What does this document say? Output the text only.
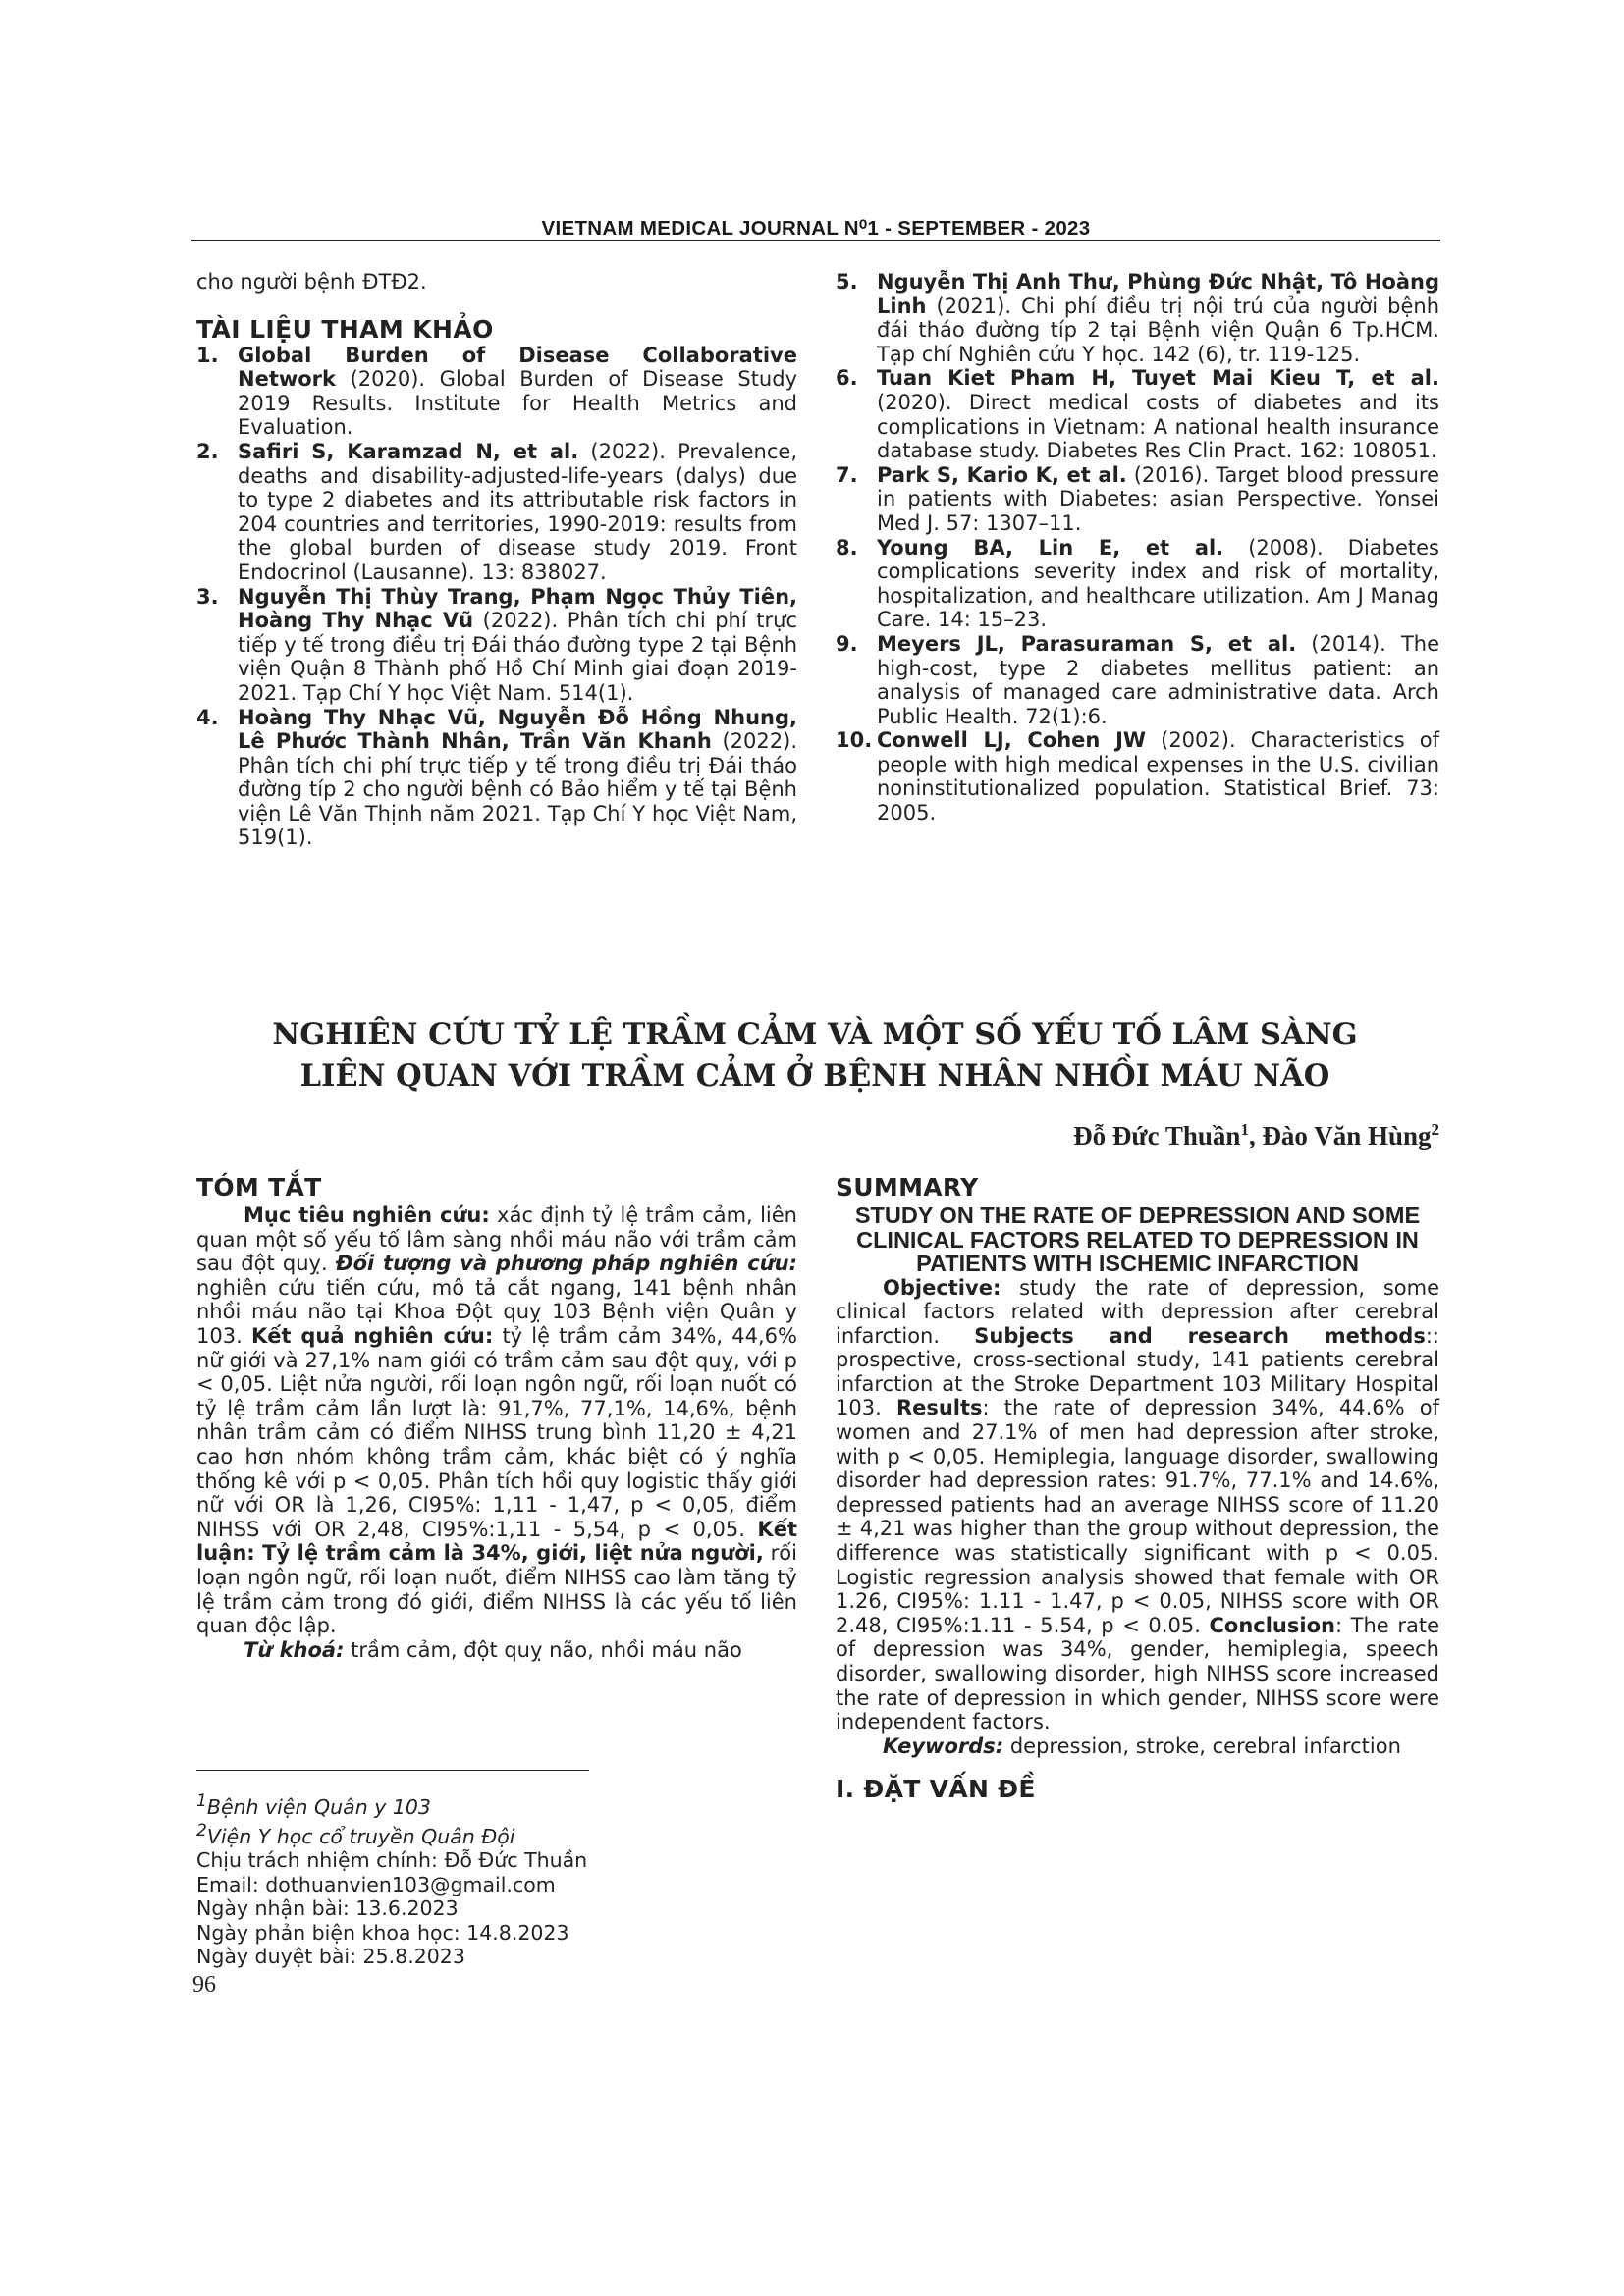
VIETNAM MEDICAL JOURNAL N⁰1 - SEPTEMBER - 2023

cho người bệnh ĐTĐ2.

TÀI LIỆU THAM KHẢO
1. Global Burden of Disease Collaborative Network (2020). Global Burden of Disease Study 2019 Results. Institute for Health Metrics and Evaluation.
2. Safiri S, Karamzad N, et al. (2022). Prevalence, deaths and disability-adjusted-life-years (dalys) due to type 2 diabetes and its attributable risk factors in 204 countries and territories, 1990-2019: results from the global burden of disease study 2019. Front Endocrinol (Lausanne). 13: 838027.
3. Nguyễn Thị Thùy Trang, Phạm Ngọc Thủy Tiên, Hoàng Thy Nhạc Vũ (2022). Phân tích chi phí trực tiếp y tế trong điều trị Đái tháo đường type 2 tại Bệnh viện Quận 8 Thành phố Hồ Chí Minh giai đoạn 2019-2021. Tạp Chí Y học Việt Nam. 514(1).
4. Hoàng Thy Nhạc Vũ, Nguyễn Đỗ Hồng Nhung, Lê Phước Thành Nhân, Trần Văn Khanh (2022). Phân tích chi phí trực tiếp y tế trong điều trị Đái tháo đường típ 2 cho người bệnh có Bảo hiểm y tế tại Bệnh viện Lê Văn Thịnh năm 2021. Tạp Chí Y học Việt Nam, 519(1).
5. Nguyễn Thị Anh Thư, Phùng Đức Nhật, Tô Hoàng Linh (2021). Chi phí điều trị nội trú của người bệnh đái tháo đường típ 2 tại Bệnh viện Quận 6 Tp.HCM. Tạp chí Nghiên cứu Y học. 142 (6), tr. 119-125.
6. Tuan Kiet Pham H, Tuyet Mai Kieu T, et al. (2020). Direct medical costs of diabetes and its complications in Vietnam: A national health insurance database study. Diabetes Res Clin Pract. 162: 108051.
7. Park S, Kario K, et al. (2016). Target blood pressure in patients with Diabetes: asian Perspective. Yonsei Med J. 57: 1307–11.
8. Young BA, Lin E, et al. (2008). Diabetes complications severity index and risk of mortality, hospitalization, and healthcare utilization. Am J Manag Care. 14: 15–23.
9. Meyers JL, Parasuraman S, et al. (2014). The high-cost, type 2 diabetes mellitus patient: an analysis of managed care administrative data. Arch Public Health. 72(1):6.
10. Conwell LJ, Cohen JW (2002). Characteristics of people with high medical expenses in the U.S. civilian noninstitutionalized population. Statistical Brief. 73: 2005.
NGHIÊN CỨU TỶ LỆ TRẦM CẢM VÀ MỘT SỐ YẾU TỐ LÂM SÀNG
LIÊN QUAN VỚI TRẦM CẢM Ở BỆNH NHÂN NHỒI MÁU NÃO
Đỗ Đức Thuần$^1$, Đào Văn Hùng$^2$
TÓM TẮT

Mục tiêu nghiên cứu: xác định tỷ lệ trầm cảm, liên quan một số yếu tố lâm sàng nhồi máu não với trầm cảm sau đột quỵ. Đối tượng và phương pháp nghiên cứu: nghiên cứu tiến cứu, mô tả cắt ngang, 141 bệnh nhân nhồi máu não tại Khoa Đột quỵ 103 Bệnh viện Quân y 103. Kết quả nghiên cứu: tỷ lệ trầm cảm 34%, 44,6% nữ giới và 27,1% nam giới có trầm cảm sau đột quỵ, với p < 0,05. Liệt nửa người, rối loạn ngôn ngữ, rối loạn nuốt có tỷ lệ trầm cảm lần lượt là: 91,7%, 77,1%, 14,6%, bệnh nhân trầm cảm có điểm NIHSS trung bình 11,20 ± 4,21 cao hơn nhóm không trầm cảm, khác biệt có ý nghĩa thống kê với p < 0,05. Phân tích hồi quy logistic thấy giới nữ với OR là 1,26, CI95%: 1,11 - 1,47, p < 0,05, điểm NIHSS với OR 2,48, CI95%:1,11 - 5,54, p < 0,05. Kết luận: Tỷ lệ trầm cảm là 34%, giới, liệt nửa người, rối loạn ngôn ngữ, rối loạn nuốt, điểm NIHSS cao làm tăng tỷ lệ trầm cảm trong đó giới, điểm NIHSS là các yếu tố liên quan độc lập.

Từ khoá: trầm cảm, đột quỵ não, nhồi máu não

$^1$Bệnh viện Quân y 103
$^2$Viện Y học cổ truyền Quân Đội
Chịu trách nhiệm chính: Đỗ Đức Thuần
Email: dothuanvien103@gmail.com
Ngày nhận bài: 13.6.2023
Ngày phản biện khoa học: 14.8.2023
Ngày duyệt bài: 25.8.2023
96
SUMMARY
STUDY ON THE RATE OF DEPRESSION AND SOME CLINICAL FACTORS RELATED TO DEPRESSION IN PATIENTS WITH ISCHEMIC INFARCTION

Objective: study the rate of depression, some clinical factors related with depression after cerebral infarction. Subjects and research methods:: prospective, cross-sectional study, 141 patients cerebral infarction at the Stroke Department 103 Military Hospital 103. Results: the rate of depression 34%, 44.6% of women and 27.1% of men had depression after stroke, with p < 0,05. Hemiplegia, language disorder, swallowing disorder had depression rates: 91.7%, 77.1% and 14.6%, depressed patients had an average NIHSS score of 11.20 ± 4,21 was higher than the group without depression, the difference was statistically significant with p < 0.05. Logistic regression analysis showed that female with OR 1.26, CI95%: 1.11 - 1.47, p < 0.05, NIHSS score with OR 2.48, CI95%:1.11 - 5.54, p < 0.05. Conclusion: The rate of depression was 34%, gender, hemiplegia, speech disorder, swallowing disorder, high NIHSS score increased the rate of depression in which gender, NIHSS score were independent factors.

Keywords: depression, stroke, cerebral infarction

I. ĐẶT VẤN ĐỀ
